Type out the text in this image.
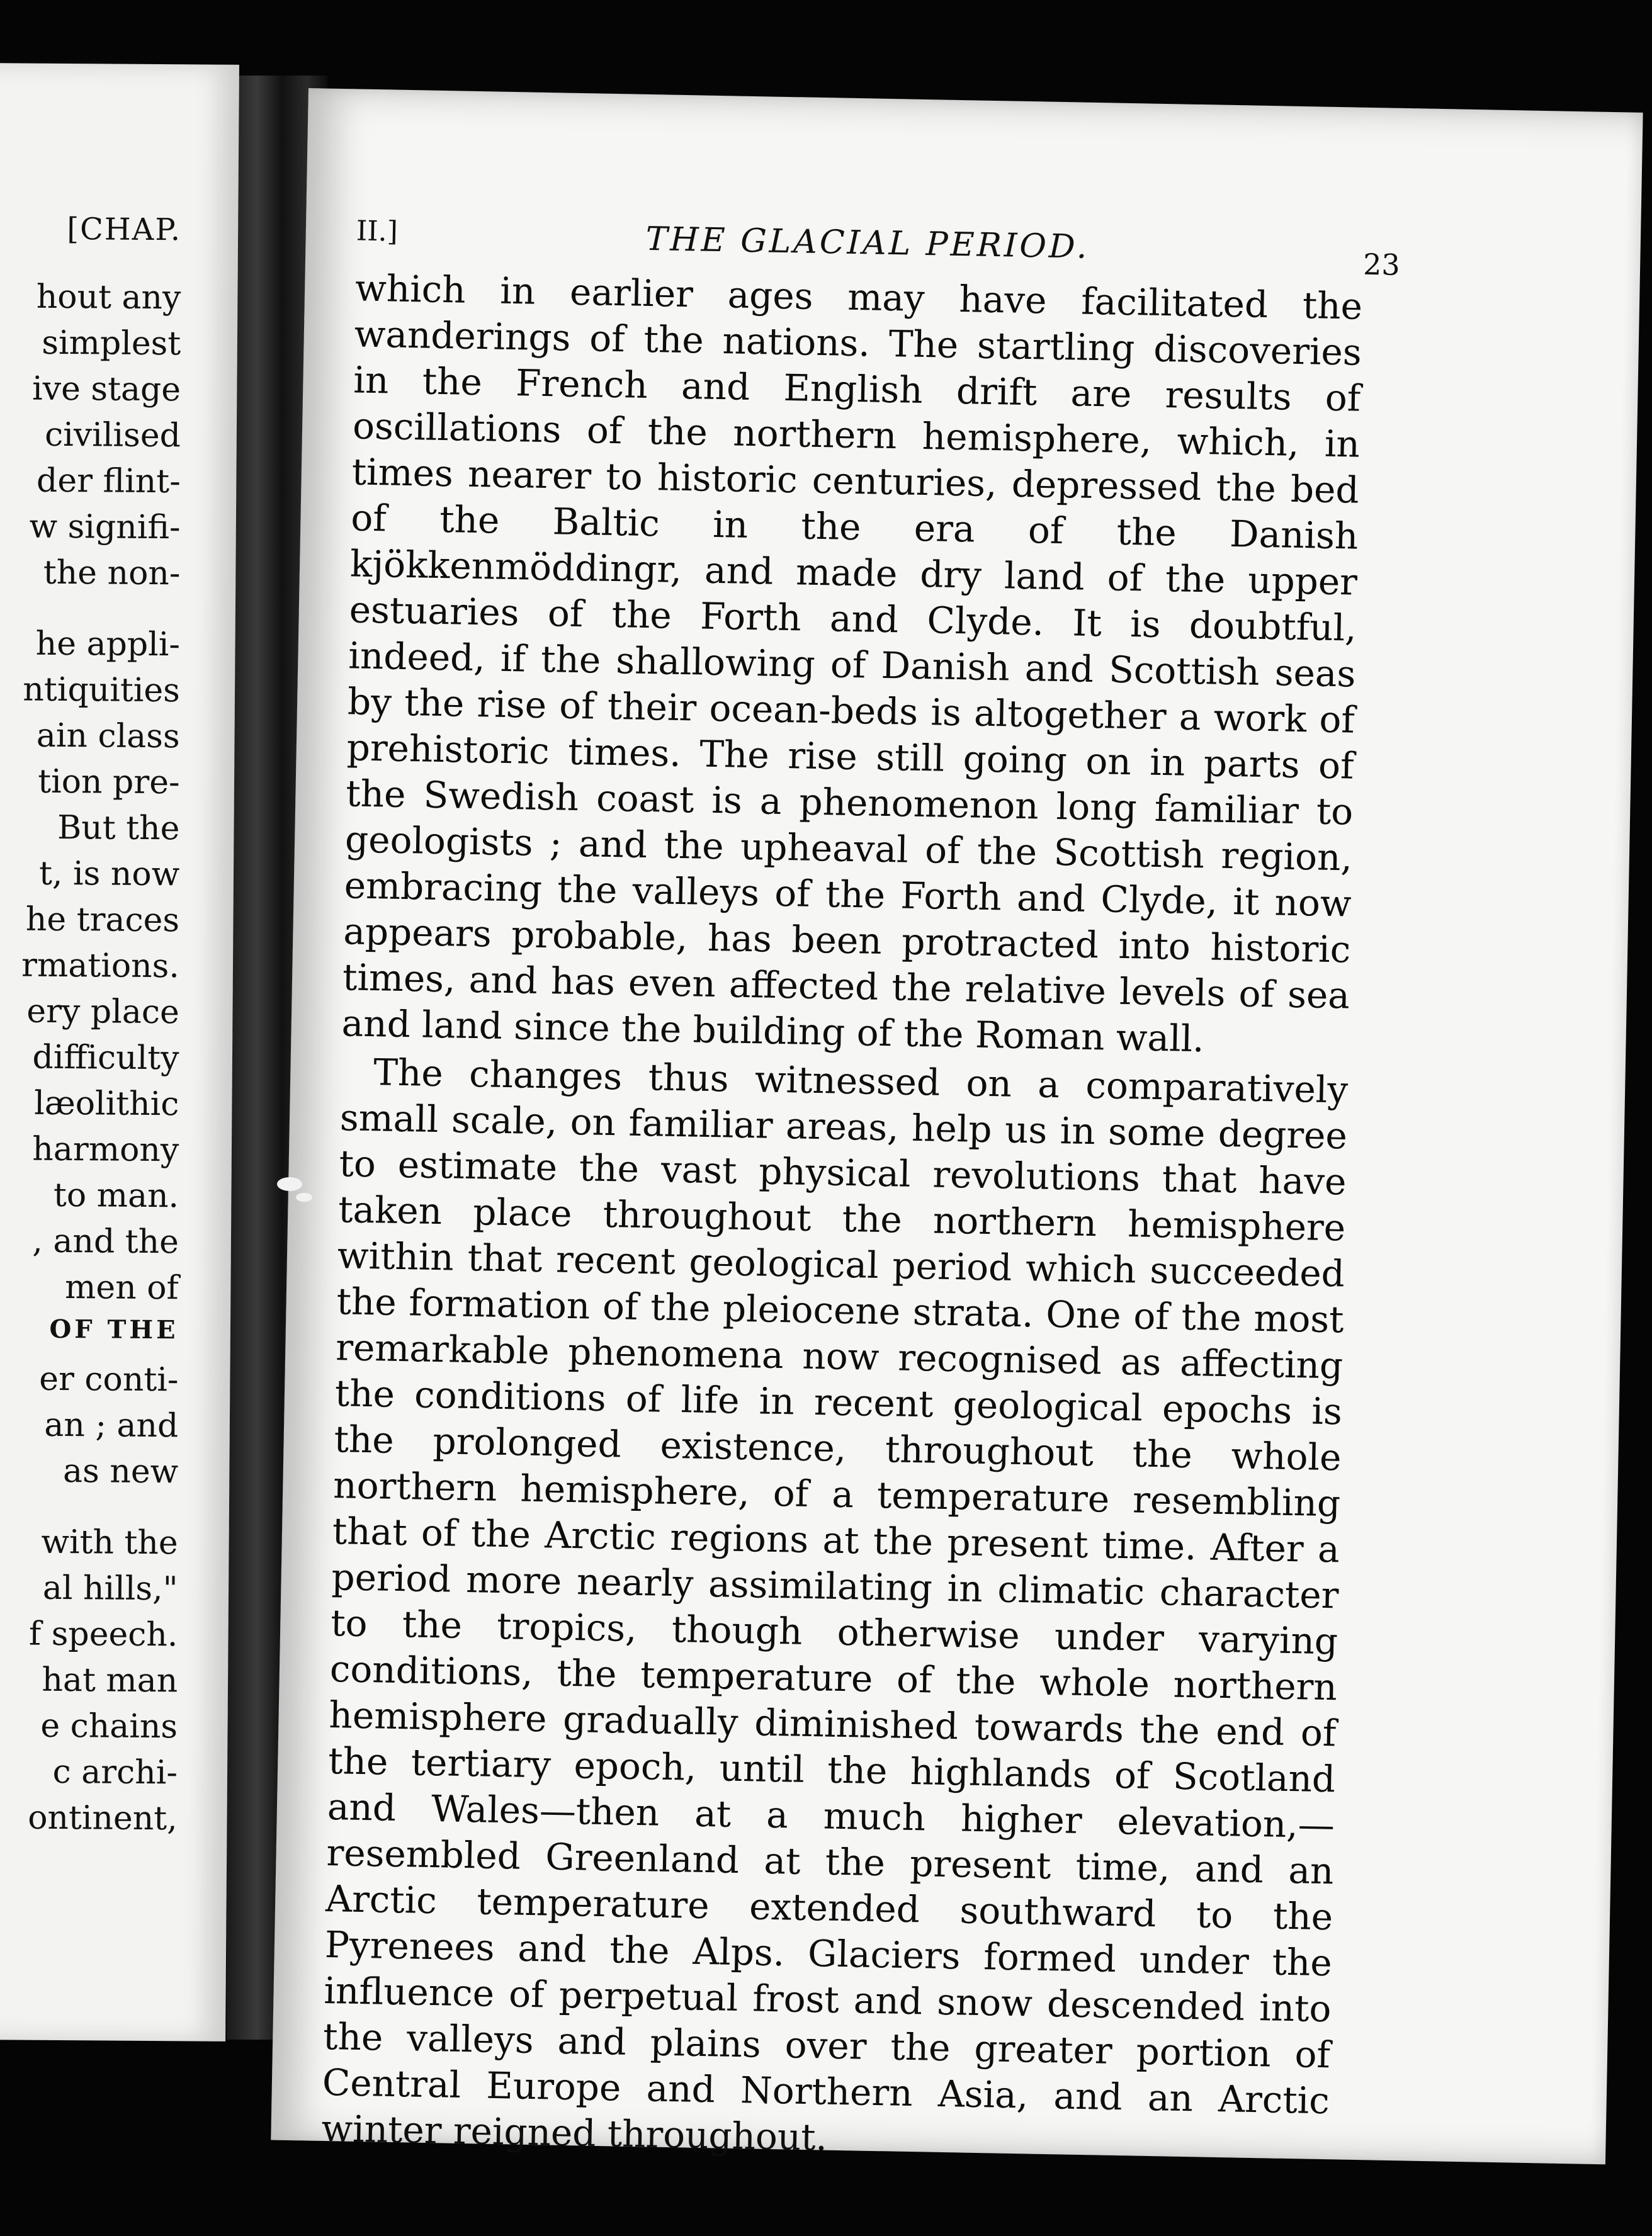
[CHAP.
hout any
simplest
ive stage
civilised
der flint-
w signifi-
the non-
he appli-
ntiquities
ain class
tion pre-
But the
t, is now
he traces
rmations.
ery place
difficulty
læolithic
harmony
to man.
, and the
men of
OF THE
er conti-
an ; and
as new
with the
al hills,"
f speech.
hat man
e chains
c archi-
ontinent,
II.]	THE GLACIAL PERIOD.	23

which in earlier ages may have facilitated the wanderings of the nations. The startling discoveries in the French and English drift are results of oscillations of the northern hemisphere, which, in times nearer to historic centuries, depressed the bed of the Baltic in the era of the Danish kjökkenmöddingr, and made dry land of the upper estuaries of the Forth and Clyde. It is doubtful, indeed, if the shallowing of Danish and Scottish seas by the rise of their ocean-beds is altogether a work of prehistoric times. The rise still going on in parts of the Swedish coast is a phenomenon long familiar to geologists ; and the upheaval of the Scottish region, embracing the valleys of the Forth and Clyde, it now appears probable, has been protracted into historic times, and has even affected the relative levels of sea and land since the building of the Roman wall.

The changes thus witnessed on a comparatively small scale, on familiar areas, help us in some degree to estimate the vast physical revolutions that have taken place throughout the northern hemisphere within that recent geological period which succeeded the formation of the pleiocene strata. One of the most remarkable phenomena now recognised as affecting the conditions of life in recent geological epochs is the prolonged existence, throughout the whole northern hemisphere, of a temperature resembling that of the Arctic regions at the present time. After a period more nearly assimilating in climatic character to the tropics, though otherwise under varying conditions, the temperature of the whole northern hemisphere gradually diminished towards the end of the tertiary epoch, until the highlands of Scotland and Wales—then at a much higher elevation,—resembled Greenland at the present time, and an Arctic temperature extended southward to the Pyrenees and the Alps. Glaciers formed under the influence of perpetual frost and snow descended into the valleys and plains over the greater portion of Central Europe and Northern Asia, and an Arctic winter reigned throughout.
